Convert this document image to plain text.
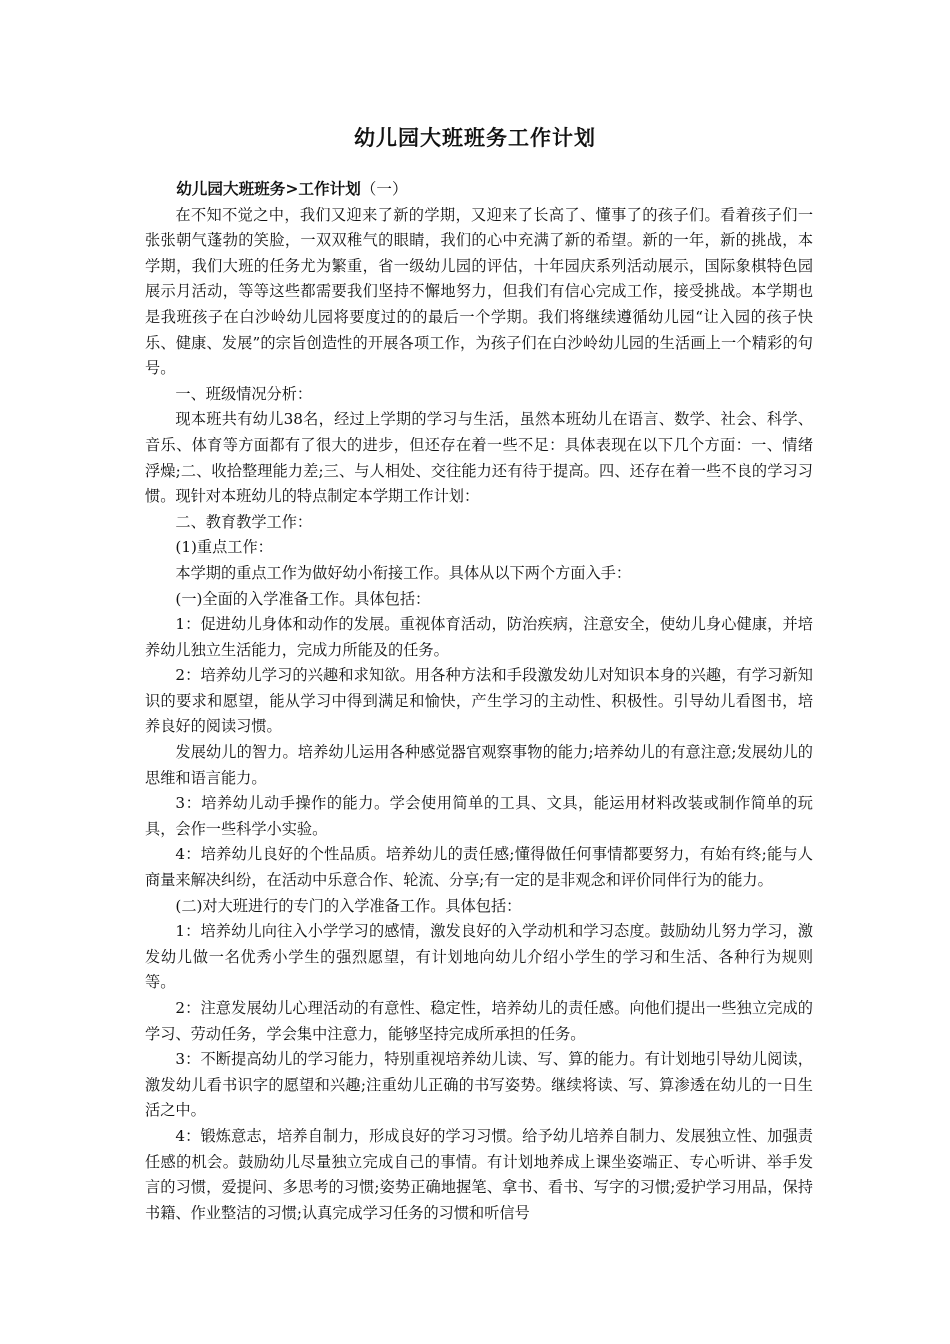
幼儿园大班班务工作计划

幼儿园大班班务>工作计划（一）

在不知不觉之中，我们又迎来了新的学期，又迎来了长高了、懂事了的孩子们。看着孩子们一张张朝气蓬勃的笑脸，一双双稚气的眼睛，我们的心中充满了新的希望。新的一年，新的挑战，本学期，我们大班的任务尤为繁重，省一级幼儿园的评估，十年园庆系列活动展示，国际象棋特色园展示月活动，等等这些都需要我们坚持不懈地努力，但我们有信心完成工作，接受挑战。本学期也是我班孩子在白沙岭幼儿园将要度过的的最后一个学期。我们将继续遵循幼儿园“让入园的孩子快乐、健康、发展”的宗旨创造性的开展各项工作，为孩子们在白沙岭幼儿园的生活画上一个精彩的句号。

一、班级情况分析：

现本班共有幼儿38名，经过上学期的学习与生活，虽然本班幼儿在语言、数学、社会、科学、音乐、体育等方面都有了很大的进步，但还存在着一些不足：具体表现在以下几个方面：一、情绪浮燥;二、收拾整理能力差;三、与人相处、交往能力还有待于提高。四、还存在着一些不良的学习习惯。现针对本班幼儿的特点制定本学期工作计划：

二、教育教学工作：

(1)重点工作：

本学期的重点工作为做好幼小衔接工作。具体从以下两个方面入手：

(一)全面的入学准备工作。具体包括：

1：促进幼儿身体和动作的发展。重视体育活动，防治疾病，注意安全，使幼儿身心健康，并培养幼儿独立生活能力，完成力所能及的任务。

2：培养幼儿学习的兴趣和求知欲。用各种方法和手段激发幼儿对知识本身的兴趣，有学习新知识的要求和愿望，能从学习中得到满足和愉快，产生学习的主动性、积极性。引导幼儿看图书，培养良好的阅读习惯。

发展幼儿的智力。培养幼儿运用各种感觉器官观察事物的能力;培养幼儿的有意注意;发展幼儿的思维和语言能力。

3：培养幼儿动手操作的能力。学会使用简单的工具、文具，能运用材料改装或制作简单的玩具，会作一些科学小实验。

4：培养幼儿良好的个性品质。培养幼儿的责任感;懂得做任何事情都要努力，有始有终;能与人商量来解决纠纷，在活动中乐意合作、轮流、分享;有一定的是非观念和评价同伴行为的能力。

(二)对大班进行的专门的入学准备工作。具体包括：

1：培养幼儿向往入小学学习的感情，激发良好的入学动机和学习态度。鼓励幼儿努力学习，激发幼儿做一名优秀小学生的强烈愿望，有计划地向幼儿介绍小学生的学习和生活、各种行为规则等。

2：注意发展幼儿心理活动的有意性、稳定性，培养幼儿的责任感。向他们提出一些独立完成的学习、劳动任务，学会集中注意力，能够坚持完成所承担的任务。

3：不断提高幼儿的学习能力，特别重视培养幼儿读、写、算的能力。有计划地引导幼儿阅读，激发幼儿看书识字的愿望和兴趣;注重幼儿正确的书写姿势。继续将读、写、算渗透在幼儿的一日生活之中。

4：锻炼意志，培养自制力，形成良好的学习习惯。给予幼儿培养自制力、发展独立性、加强责任感的机会。鼓励幼儿尽量独立完成自己的事情。有计划地养成上课坐姿端正、专心听讲、举手发言的习惯，爱提问、多思考的习惯;姿势正确地握笔、拿书、看书、写字的习惯;爱护学习用品，保持书籍、作业整洁的习惯;认真完成学习任务的习惯和听信号
